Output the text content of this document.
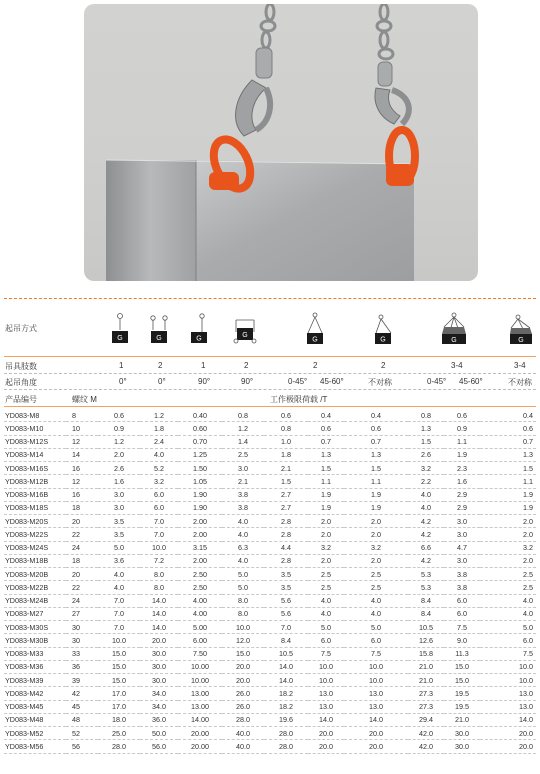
起吊方式
G	G	G	G
G	G	G	G
吊具肢数	1	2	1	2	2	2	3-4	3-4
起吊角度	0°	0°	90°	90°	0-45° 45-60°	不对称	0-45° 45-60°	不对称
产品编号	螺纹 M	工作极限荷载 /T
YD083-M8	8	0.6	1.2	0.40	0.8	0.6	0.4	0.4	0.8	0.6	0.4
YD083-M10	10	0.9	1.8	0.60	1.2	0.8	0.6	0.6	1.3	0.9	0.6
YD083-M12S	12	1.2	2.4	0.70	1.4	1.0	0.7	0.7	1.5	1.1	0.7
YD083-M14	14	2.0	4.0	1.25	2.5	1.8	1.3	1.3	2.6	1.9	1.3
YD083-M16S	16	2.6	5.2	1.50	3.0	2.1	1.5	1.5	3.2	2.3	1.5
YD083-M12B	12	1.6	3.2	1.05	2.1	1.5	1.1	1.1	2.2	1.6	1.1
YD083-M16B	16	3.0	6.0	1.90	3.8	2.7	1.9	1.9	4.0	2.9	1.9
YD083-M18S	18	3.0	6.0	1.90	3.8	2.7	1.9	1.9	4.0	2.9	1.9
YD083-M20S	20	3.5	7.0	2.00	4.0	2.8	2.0	2.0	4.2	3.0	2.0
YD083-M22S	22	3.5	7.0	2.00	4.0	2.8	2.0	2.0	4.2	3.0	2.0
YD083-M24S	24	5.0	10.0	3.15	6.3	4.4	3.2	3.2	6.6	4.7	3.2
YD083-M18B	18	3.6	7.2	2.00	4.0	2.8	2.0	2.0	4.2	3.0	2.0
YD083-M20B	20	4.0	8.0	2.50	5.0	3.5	2.5	2.5	5.3	3.8	2.5
YD083-M22B	22	4.0	8.0	2.50	5.0	3.5	2.5	2.5	5.3	3.8	2.5
YD083-M24B	24	7.0	14.0	4.00	8.0	5.6	4.0	4.0	8.4	6.0	4.0
YD083-M27	27	7.0	14.0	4.00	8.0	5.6	4.0	4.0	8.4	6.0	4.0
YD083-M30S	30	7.0	14.0	5.00	10.0	7.0	5.0	5.0	10.5	7.5	5.0
YD083-M30B	30	10.0	20.0	6.00	12.0	8.4	6.0	6.0	12.6	9.0	6.0
YD083-M33	33	15.0	30.0	7.50	15.0	10.5	7.5	7.5	15.8	11.3	7.5
YD083-M36	36	15.0	30.0	10.00	20.0	14.0	10.0	10.0	21.0	15.0	10.0
YD083-M39	39	15.0	30.0	10.00	20.0	14.0	10.0	10.0	21.0	15.0	10.0
YD083-M42	42	17.0	34.0	13.00	26.0	18.2	13.0	13.0	27.3	19.5	13.0
YD083-M45	45	17.0	34.0	13.00	26.0	18.2	13.0	13.0	27.3	19.5	13.0
YD083-M48	48	18.0	36.0	14.00	28.0	19.6	14.0	14.0	29.4	21.0	14.0
YD083-M52	52	25.0	50.0	20.00	40.0	28.0	20.0	20.0	42.0	30.0	20.0
YD083-M56	56	28.0	56.0	20.00	40.0	28.0	20.0	20.0	42.0	30.0	20.0
